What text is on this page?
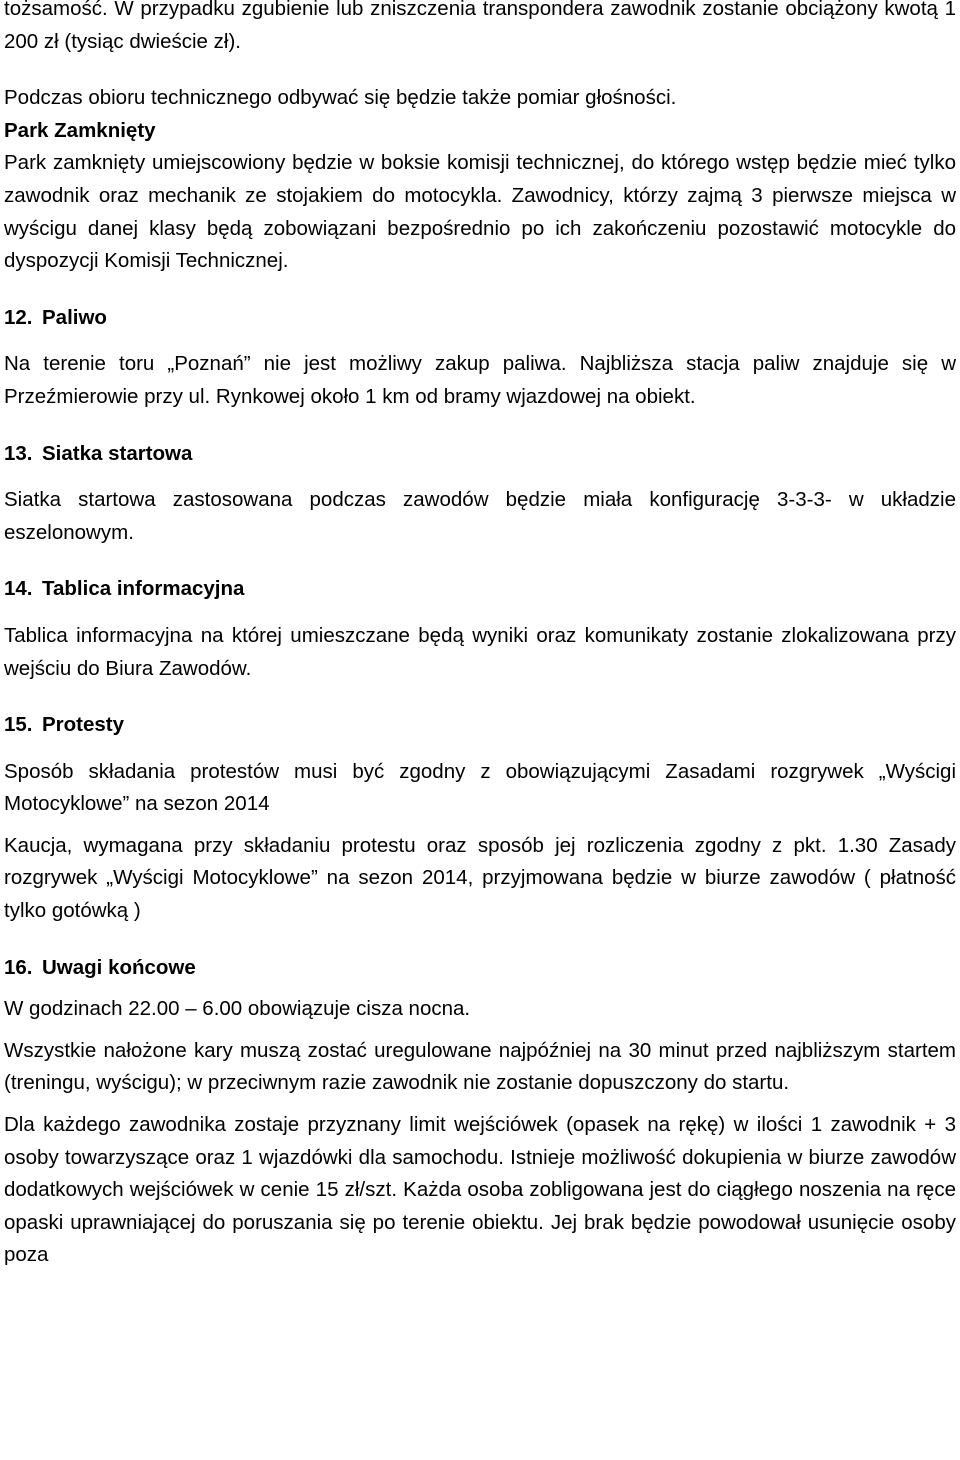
tożsamość. W przypadku zgubienie lub zniszczenia transpondera zawodnik zostanie obciążony kwotą 1 200 zł (tysiąc dwieście zł).

Podczas obioru technicznego odbywać się będzie także pomiar głośności.

Park Zamknięty

Park zamknięty umiejscowiony będzie w boksie komisji technicznej, do którego wstęp będzie mieć tylko zawodnik oraz mechanik ze stojakiem do motocykla. Zawodnicy, którzy zajmą 3 pierwsze miejsca w wyścigu danej klasy będą zobowiązani bezpośrednio po ich zakończeniu pozostawić motocykle do dyspozycji Komisji Technicznej.

12. Paliwo

Na terenie toru „Poznań” nie jest możliwy zakup paliwa. Najbliższa stacja paliw znajduje się w Przeźmierowie przy ul. Rynkowej około 1 km od bramy wjazdowej na obiekt.

13. Siatka startowa

Siatka startowa zastosowana podczas zawodów będzie miała konfigurację 3-3-3- w układzie eszelonowym.

14. Tablica informacyjna

Tablica informacyjna na której umieszczane będą wyniki oraz komunikaty zostanie zlokalizowana przy wejściu do Biura Zawodów.

15. Protesty

Sposób składania protestów musi być zgodny z obowiązującymi Zasadami rozgrywek „Wyścigi Motocyklowe” na sezon 2014

Kaucja, wymagana przy składaniu protestu oraz sposób jej rozliczenia zgodny z pkt. 1.30 Zasady rozgrywek „Wyścigi Motocyklowe” na sezon 2014, przyjmowana będzie w biurze zawodów ( płatność tylko gotówką )

16. Uwagi końcowe

W godzinach 22.00 – 6.00 obowiązuje cisza nocna.

Wszystkie nałożone kary muszą zostać uregulowane najpóźniej na 30 minut przed najbliższym startem (treningu, wyścigu); w przeciwnym razie zawodnik nie zostanie dopuszczony do startu.

Dla każdego zawodnika zostaje przyznany limit wejściówek (opasek na rękę) w ilości 1 zawodnik + 3 osoby towarzyszące oraz 1 wjazdówki dla samochodu. Istnieje możliwość dokupienia w biurze zawodów dodatkowych wejściówek w cenie 15 zł/szt. Każda osoba zobligowana jest do ciągłego noszenia na ręce opaski uprawniającej do poruszania się po terenie obiektu. Jej brak będzie powodował usunięcie osoby poza
